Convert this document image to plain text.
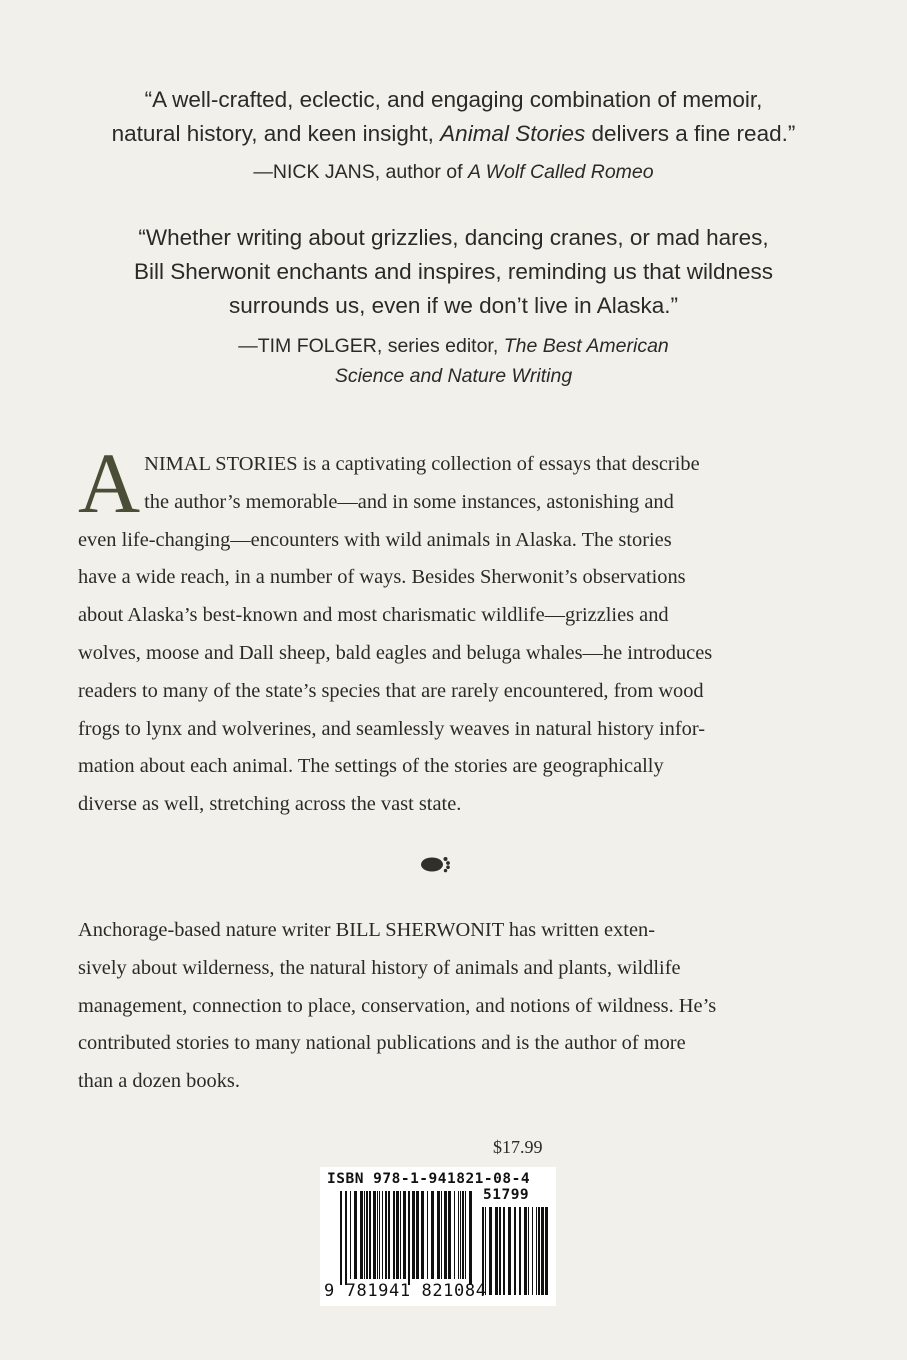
“A well-crafted, eclectic, and engaging combination of memoir,
natural history, and keen insight, Animal Stories delivers a fine read.”

—NICK JANS, author of A Wolf Called Romeo

“Whether writing about grizzlies, dancing cranes, or mad hares,
Bill Sherwonit enchants and inspires, reminding us that wildness
surrounds us, even if we don’t live in Alaska.”

—TIM FOLGER, series editor, The Best American
Science and Nature Writing

A NIMAL STORIES is a captivating collection of essays that describe
the author’s memorable—and in some instances, astonishing and
even life-changing—encounters with wild animals in Alaska. The stories
have a wide reach, in a number of ways. Besides Sherwonit’s observations
about Alaska’s best-known and most charismatic wildlife—grizzlies and
wolves, moose and Dall sheep, bald eagles and beluga whales—he introduces
readers to many of the state’s species that are rarely encountered, from wood
frogs to lynx and wolverines, and seamlessly weaves in natural history infor-
mation about each animal. The settings of the stories are geographically
diverse as well, stretching across the vast state.
Anchorage-based nature writer BILL SHERWONIT has written exten-
sively about wilderness, the natural history of animals and plants, wildlife
management, connection to place, conservation, and notions of wildness. He’s
contributed stories to many national publications and is the author of more
than a dozen books.
$17.99
ISBN 978-1-941821-08-4
51799
9 781941 821084
